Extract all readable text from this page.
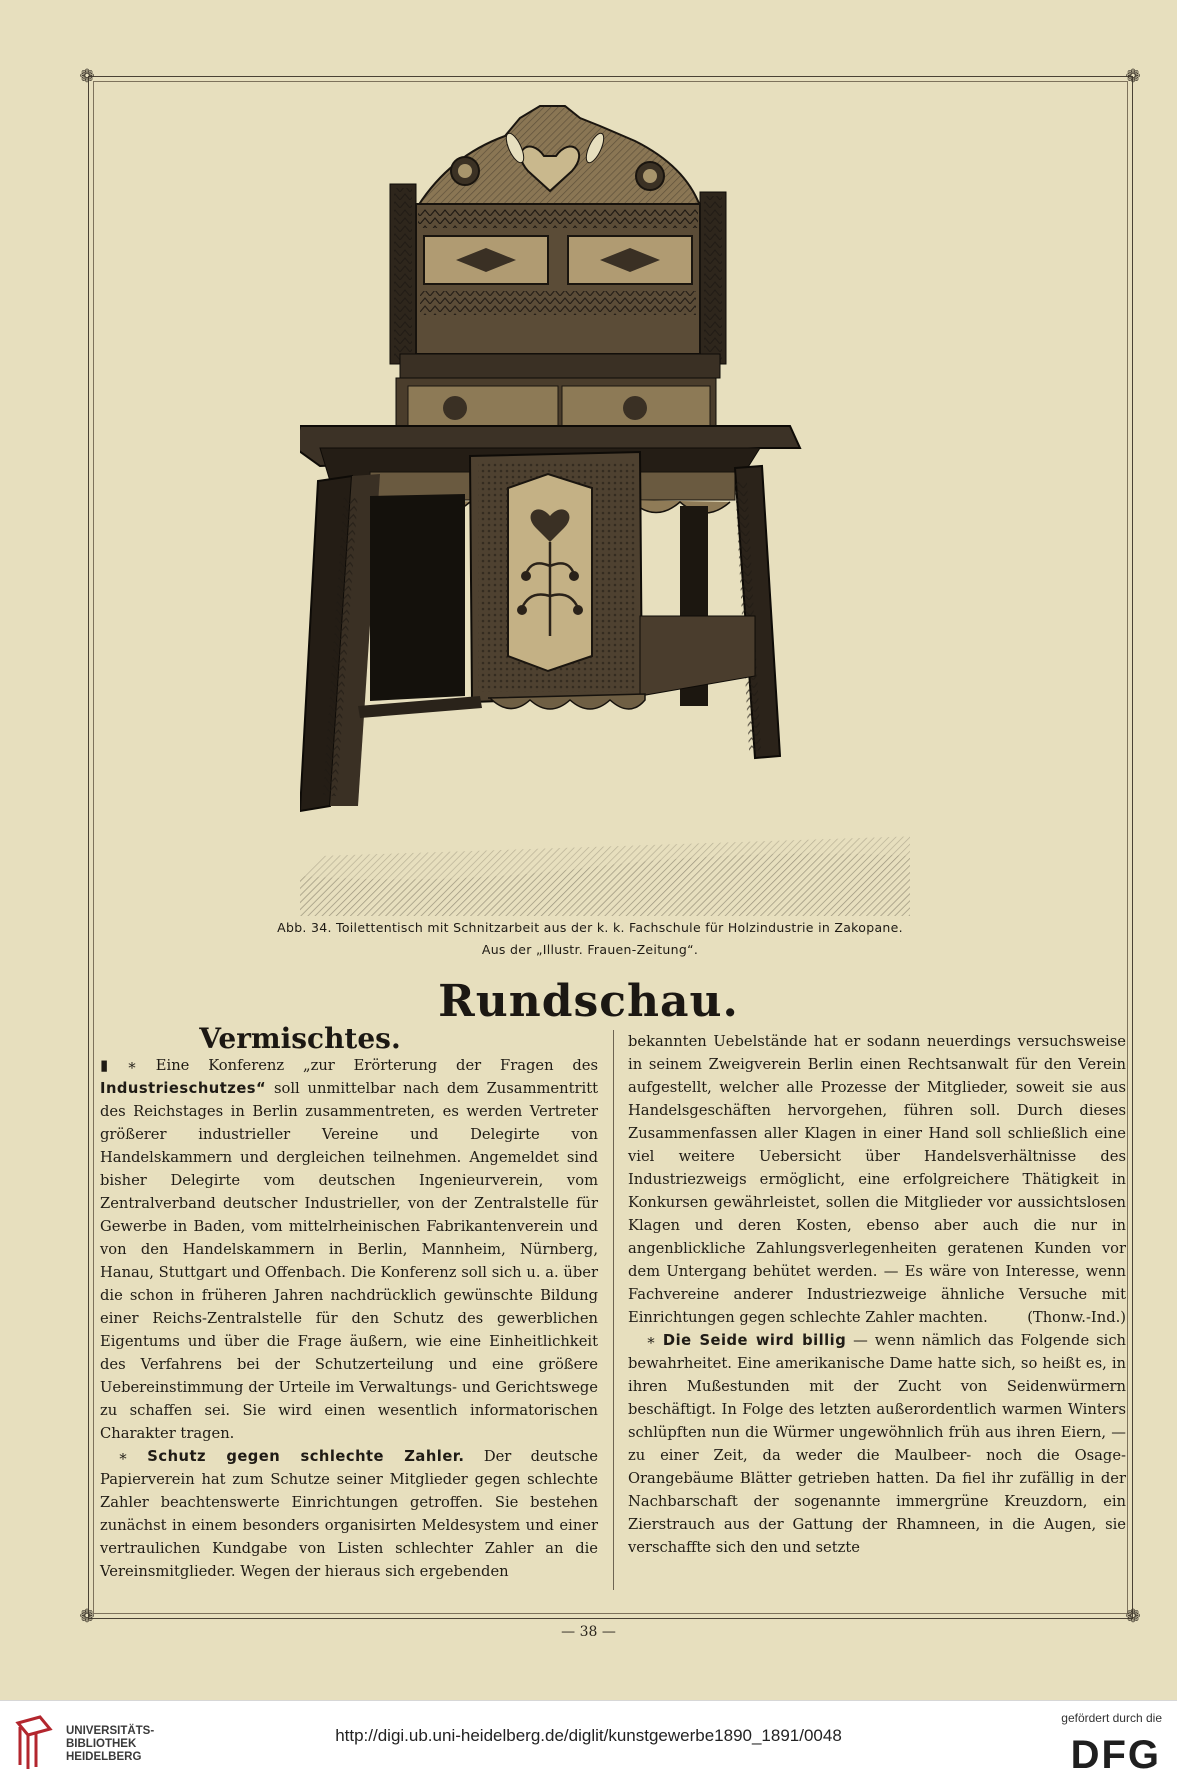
❁	❁
❁	❁
Abb. 34. Toilettentisch mit Schnitzarbeit aus der k. k. Fachschule für Holzindustrie in Zakopane.
Aus der „Illustr. Frauen-Zeitung“.
Rundschau.
Vermischtes.

▮ ∗ Eine Konferenz „zur Erörterung der Fragen des Industrieschutzes“ soll unmittelbar nach dem Zusammentritt des Reichstages in Berlin zusammentreten, es werden Vertreter größerer industrieller Vereine und Delegirte von Handelskammern und dergleichen teilnehmen. Angemeldet sind bisher Delegirte vom deutschen Ingenieurverein, vom Zentralverband deutscher Industrieller, von der Zentralstelle für Gewerbe in Baden, vom mittelrheinischen Fabrikantenverein und von den Handelskammern in Berlin, Mannheim, Nürnberg, Hanau, Stuttgart und Offenbach. Die Konferenz soll sich u. a. über die schon in früheren Jahren nachdrücklich gewünschte Bildung einer Reichs-Zentralstelle für den Schutz des gewerblichen Eigentums und über die Frage äußern, wie eine Einheitlichkeit des Verfahrens bei der Schutzerteilung und eine größere Uebereinstimmung der Urteile im Verwaltungs- und Gerichtswege zu schaffen sei. Sie wird einen wesentlich informatorischen Charakter tragen.

∗ Schutz gegen schlechte Zahler. Der deutsche Papierverein hat zum Schutze seiner Mitglieder gegen schlechte Zahler beachtenswerte Einrichtungen getroffen. Sie bestehen zunächst in einem besonders organisirten Meldesystem und einer vertraulichen Kundgabe von Listen schlechter Zahler an die Vereinsmitglieder. Wegen der hieraus sich ergebenden

bekannten Uebelstände hat er sodann neuerdings versuchsweise in seinem Zweigverein Berlin einen Rechtsanwalt für den Verein aufgestellt, welcher alle Prozesse der Mitglieder, soweit sie aus Handelsgeschäften hervorgehen, führen soll. Durch dieses Zusammenfassen aller Klagen in einer Hand soll schließlich eine viel weitere Uebersicht über Handelsverhältnisse des Industriezweigs ermöglicht, eine erfolgreichere Thätigkeit in Konkursen gewährleistet, sollen die Mitglieder vor aussichtslosen Klagen und deren Kosten, ebenso aber auch die nur in angenblickliche Zahlungsverlegenheiten geratenen Kunden vor dem Untergang behütet werden. — Es wäre von Interesse, wenn Fachvereine anderer Industriezweige ähnliche Versuche mit Einrichtungen gegen schlechte Zahler machten.	(Thonw.-Ind.)

∗ Die Seide wird billig — wenn nämlich das Folgende sich bewahrheitet. Eine amerikanische Dame hatte sich, so heißt es, in ihren Mußestunden mit der Zucht von Seidenwürmern beschäftigt. In Folge des letzten außerordentlich warmen Winters schlüpften nun die Würmer ungewöhnlich früh aus ihren Eiern, — zu einer Zeit, da weder die Maulbeer- noch die Osage-Orangebäume Blätter getrieben hatten. Da fiel ihr zufällig in der Nachbarschaft der sogenannte immergrüne Kreuzdorn, ein Zierstrauch aus der Gattung der Rhamneen, in die Augen, sie verschaffte sich den und setzte

— 38 —
UNIVERSITÄTS-
BIBLIOTHEK
HEIDELBERG
http://digi.ub.uni-heidelberg.de/diglit/kunstgewerbe1890_1891/0048
gefördert durch die
DFG
